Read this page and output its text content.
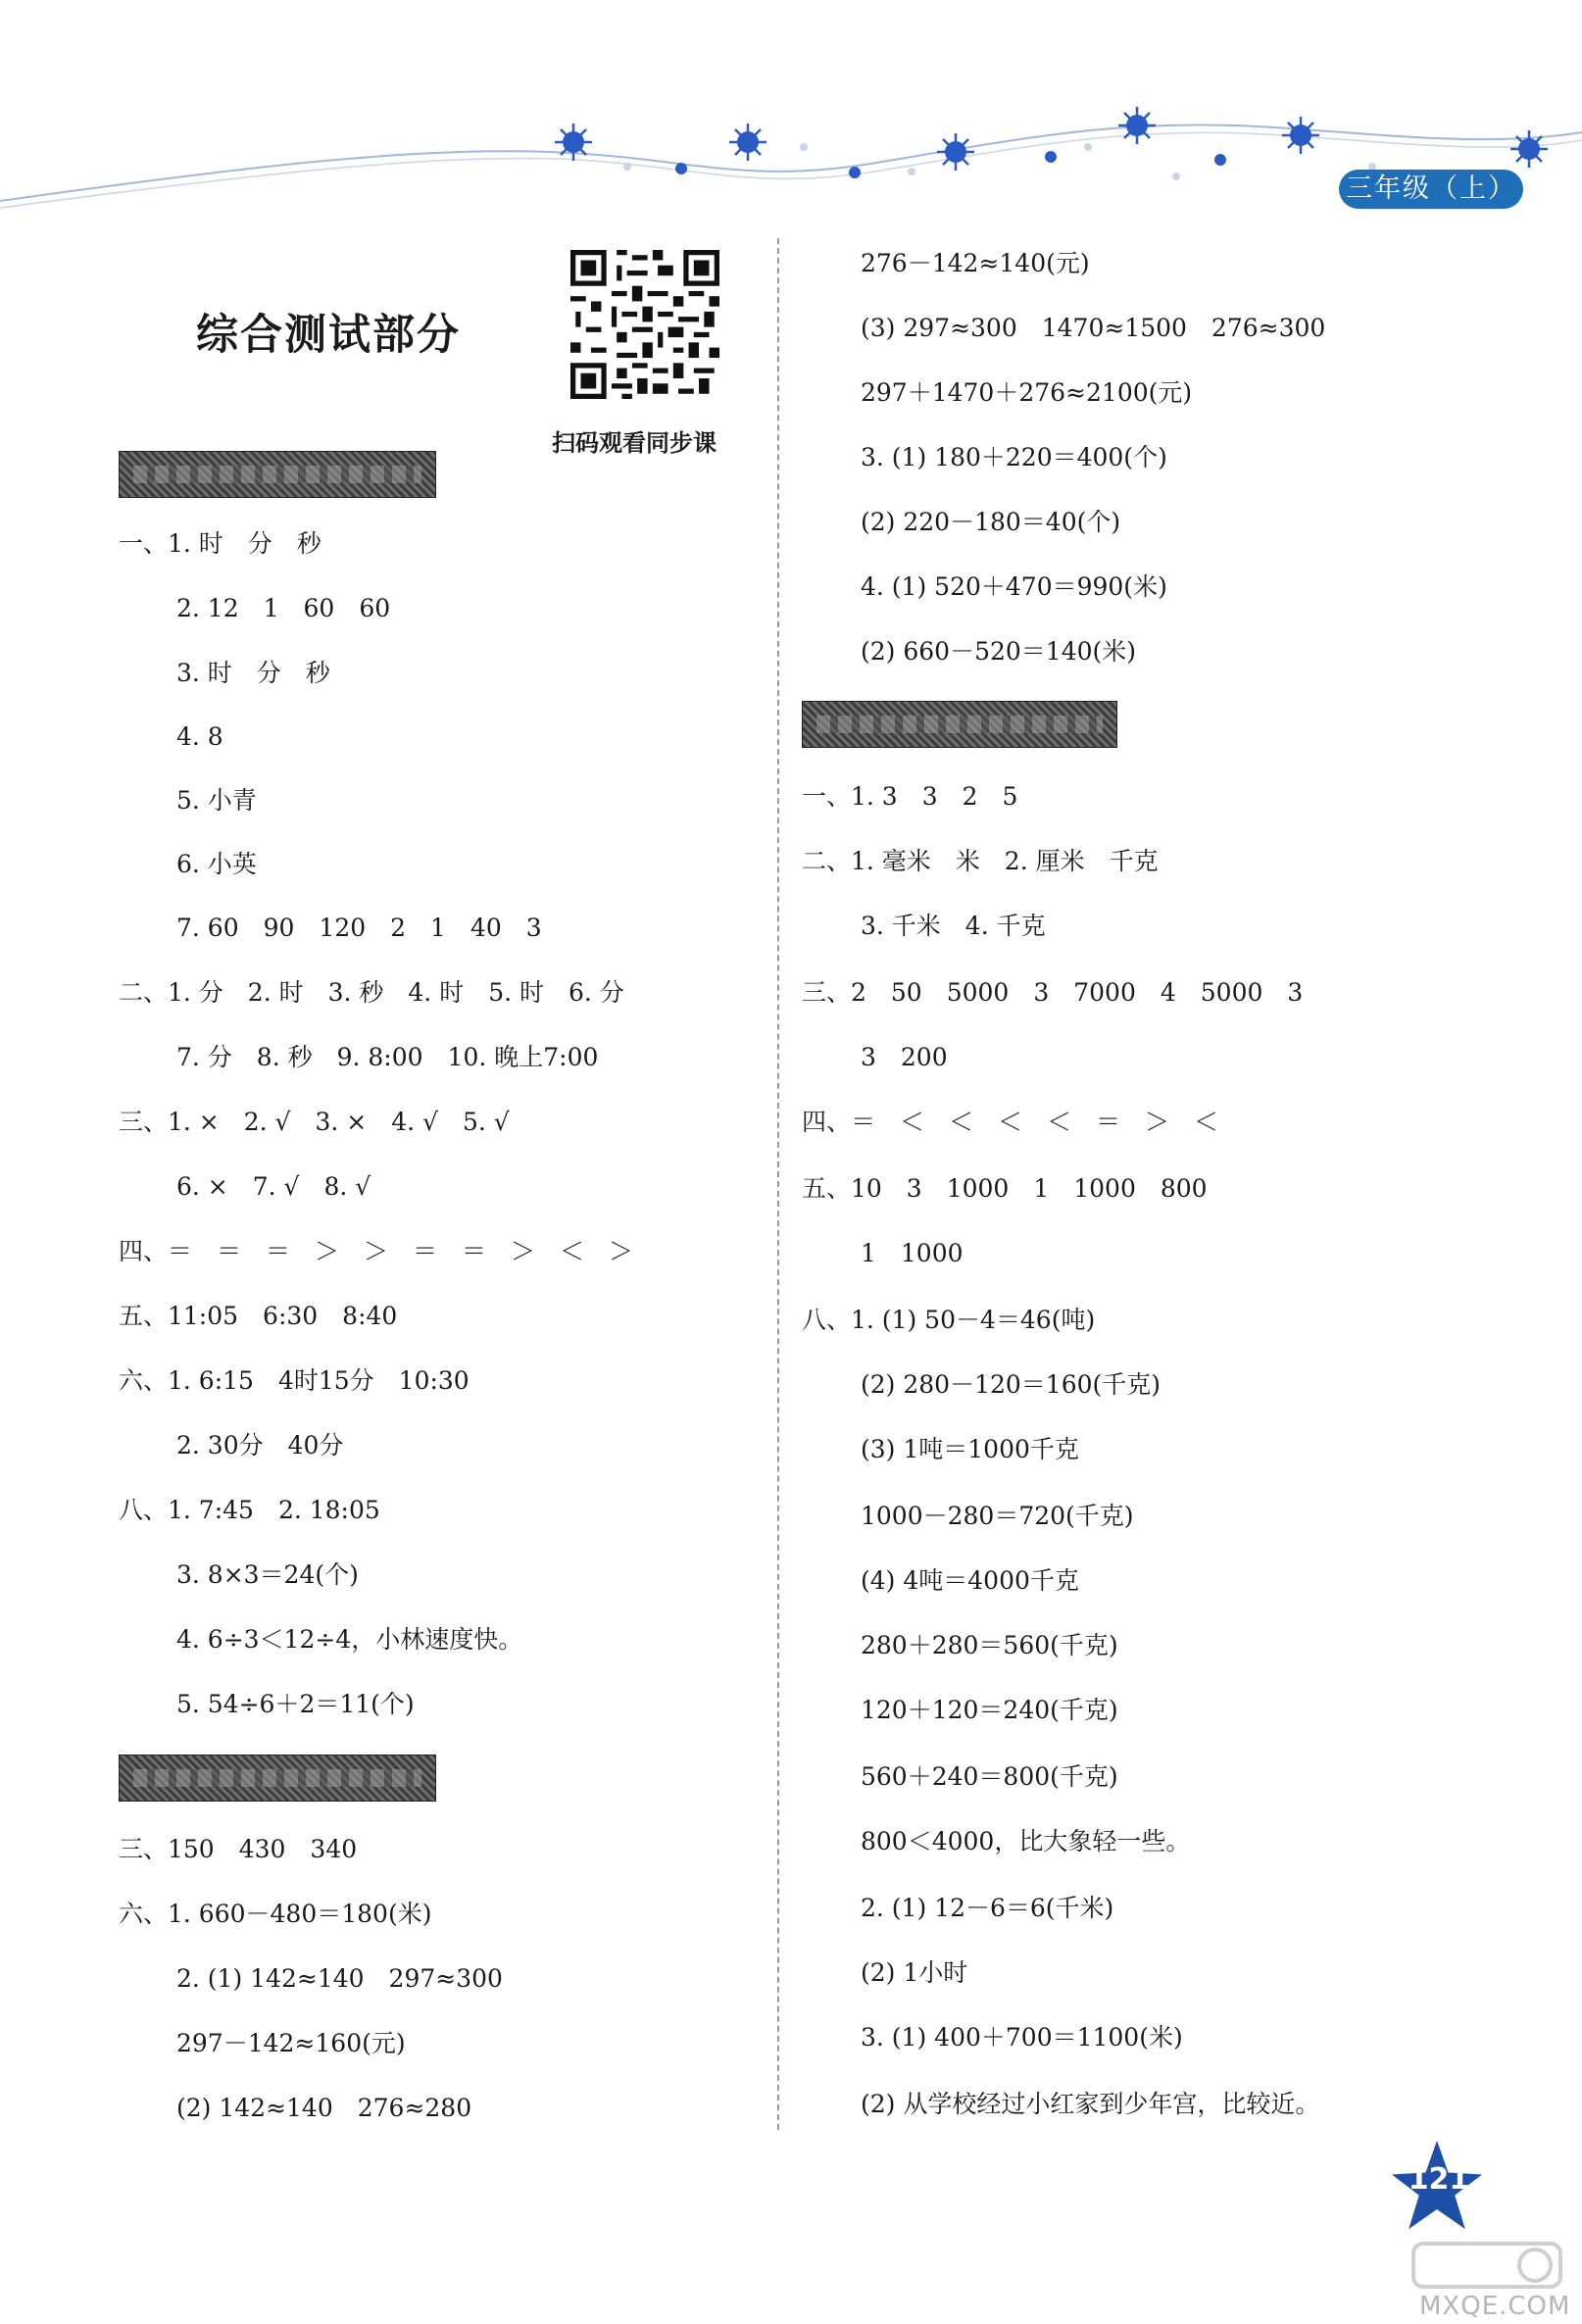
三年级（上）
综合测试部分
扫码观看同步课
一、1. 时　分　秒
2. 12　1　60　60
3. 时　分　秒
4. 8
5. 小青
6. 小英
7. 60　90　120　2　1　40　3
二、1. 分　2. 时　3. 秒　4. 时　5. 时　6. 分
7. 分　8. 秒　9. 8:00　10. 晚上7:00
三、1. ×　2. √　3. ×　4. √　5. √
6. ×　7. √　8. √
四、＝　＝　＝　＞　＞　＝　＝　＞　＜　＞
五、11:05　6:30　8:40
六、1. 6:15　4时15分　10:30
2. 30分　40分
八、1. 7:45　2. 18:05
3. 8×3＝24(个)
4. 6÷3＜12÷4，小林速度快。
5. 54÷6＋2＝11(个)
三、150　430　340
六、1. 660－480＝180(米)
2. (1) 142≈140　297≈300
297－142≈160(元)
(2) 142≈140　276≈280
276－142≈140(元)
(3) 297≈300　1470≈1500　276≈300
297＋1470＋276≈2100(元)
3. (1) 180＋220＝400(个)
(2) 220－180＝40(个)
4. (1) 520＋470＝990(米)
(2) 660－520＝140(米)
一、1. 3　3　2　5
二、1. 毫米　米　2. 厘米　千克
3. 千米　4. 千克
三、2　50　5000　3　7000　4　5000　3
3　200
四、＝　＜　＜　＜　＜　＝　＞　＜
五、10　3　1000　1　1000　800
1　1000
八、1. (1) 50－4＝46(吨)
(2) 280－120＝160(千克)
(3) 1吨＝1000千克
1000－280＝720(千克)
(4) 4吨＝4000千克
280＋280＝560(千克)
120＋120＝240(千克)
560＋240＝800(千克)
800＜4000，比大象轻一些。
2. (1) 12－6＝6(千米)
(2) 1小时
3. (1) 400＋700＝1100(米)
(2) 从学校经过小红家到少年宫，比较近。
121
MXQE.COM
